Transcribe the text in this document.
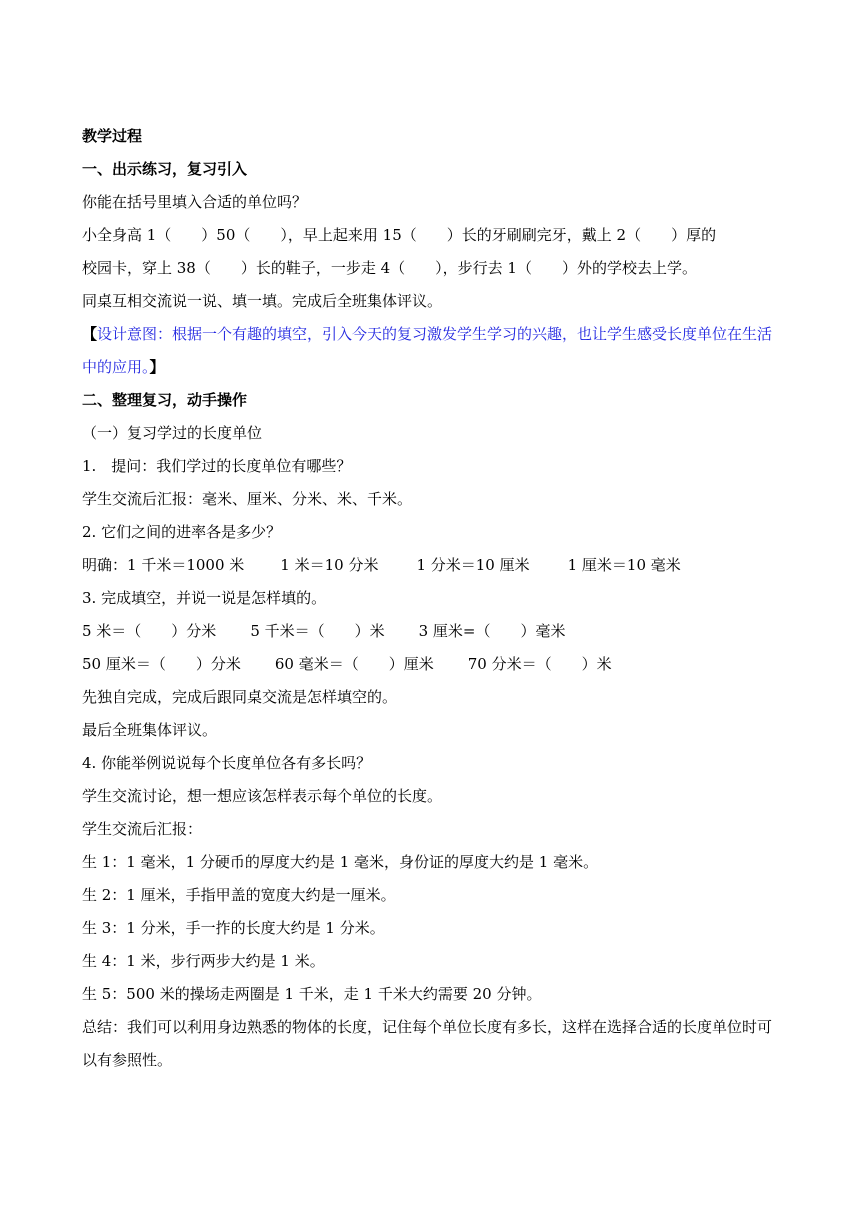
教学过程
一、出示练习，复习引入
你能在括号里填入合适的单位吗？
小全身高 1（　　）50（　　），早上起来用 15（　　）长的牙刷刷完牙，戴上 2（　　）厚的
校园卡，穿上 38（　　）长的鞋子，一步走 4（　　），步行去 1（　　）外的学校去上学。
同桌互相交流说一说、填一填。完成后全班集体评议。
【设计意图：根据一个有趣的填空，引入今天的复习激发学生学习的兴趣，也让学生感受长度单位在生活中的应用。】
二、整理复习，动手操作
（一）复习学过的长度单位
1.　提问：我们学过的长度单位有哪些？
学生交流后汇报：毫米、厘米、分米、米、千米。
2. 它们之间的进率各是多少？
明确：1 千米＝1000 米 1 米＝10 分米	1 分米＝10 厘米	1 厘米＝10 毫米
3. 完成填空，并说一说是怎样填的。
5 米＝（　　）分米 5 千米＝（　　）米 3 厘米=（　　）毫米
50 厘米＝（　　）分米 60 毫米＝（　　）厘米 70 分米＝（　　）米
先独自完成，完成后跟同桌交流是怎样填空的。
最后全班集体评议。
4. 你能举例说说每个长度单位各有多长吗？
学生交流讨论，想一想应该怎样表示每个单位的长度。
学生交流后汇报：
生 1：1 毫米，1 分硬币的厚度大约是 1 毫米，身份证的厚度大约是 1 毫米。
生 2：1 厘米，手指甲盖的宽度大约是一厘米。
生 3：1 分米，手一拃的长度大约是 1 分米。
生 4：1 米，步行两步大约是 1 米。
生 5：500 米的操场走两圈是 1 千米，走 1 千米大约需要 20 分钟。
总结：我们可以利用身边熟悉的物体的长度，记住每个单位长度有多长，这样在选择合适的长度单位时可以有参照性。
